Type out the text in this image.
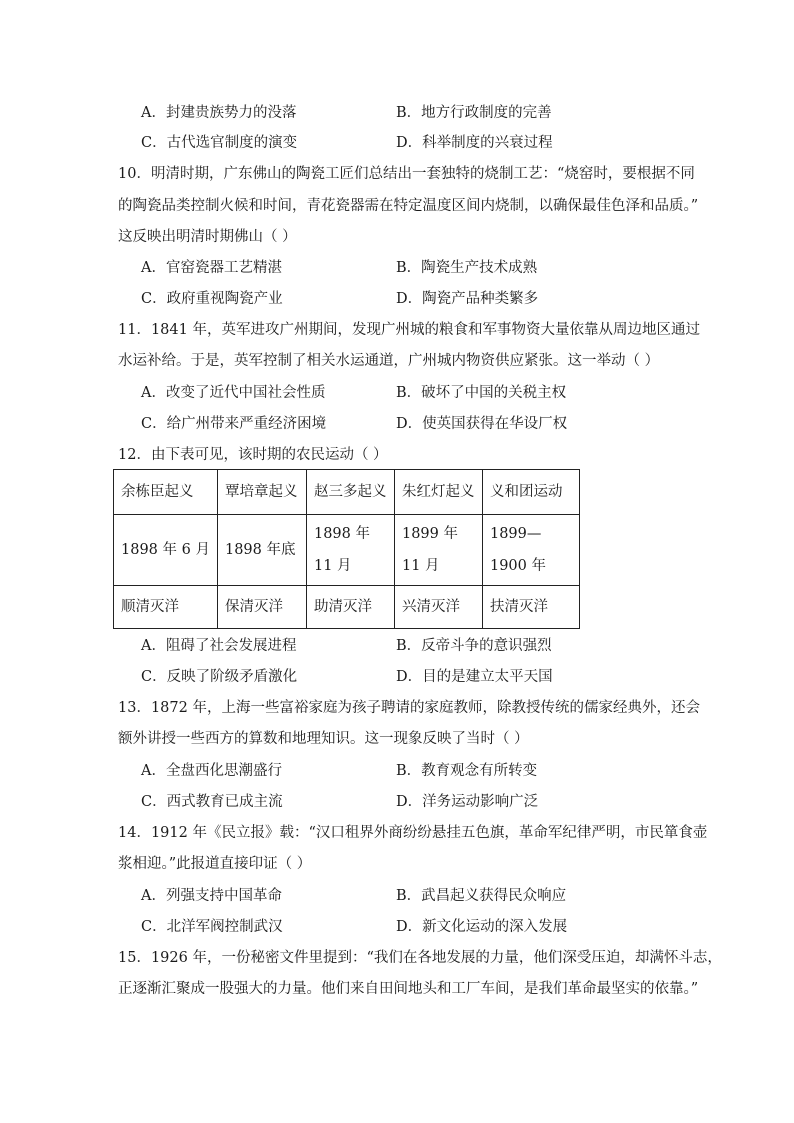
A．封建贵族势力的没落	B．地方行政制度的完善
C．古代选官制度的演变	D．科举制度的兴衰过程
10．明清时期，广东佛山的陶瓷工匠们总结出一套独特的烧制工艺：“烧窑时，要根据不同
的陶瓷品类控制火候和时间，青花瓷器需在特定温度区间内烧制，以确保最佳色泽和品质。”
这反映出明清时期佛山（ ）
A．官窑瓷器工艺精湛	B．陶瓷生产技术成熟
C．政府重视陶瓷产业	D．陶瓷产品种类繁多
11．1841 年，英军进攻广州期间，发现广州城的粮食和军事物资大量依靠从周边地区通过
水运补给。于是，英军控制了相关水运通道，广州城内物资供应紧张。这一举动（ ）
A．改变了近代中国社会性质	B．破坏了中国的关税主权
C．给广州带来严重经济困境	D．使英国获得在华设厂权
12．由下表可见，该时期的农民运动（ ）
余栋臣起义	覃培章起义	赵三多起义	朱红灯起义	义和团运动
1898 年 6 月	1898 年底	1898 年 11 月	1899 年 11 月	1899—1900 年
顺清灭洋	保清灭洋	助清灭洋	兴清灭洋	扶清灭洋
A．阻碍了社会发展进程	B．反帝斗争的意识强烈
C．反映了阶级矛盾激化	D．目的是建立太平天国
13．1872 年，上海一些富裕家庭为孩子聘请的家庭教师，除教授传统的儒家经典外，还会
额外讲授一些西方的算数和地理知识。这一现象反映了当时（ ）
A．全盘西化思潮盛行	B．教育观念有所转变
C．西式教育已成主流	D．洋务运动影响广泛
14．1912 年《民立报》载：“汉口租界外商纷纷悬挂五色旗，革命军纪律严明，市民箪食壶
浆相迎。”此报道直接印证（ ）
A．列强支持中国革命	B．武昌起义获得民众响应
C．北洋军阀控制武汉	D．新文化运动的深入发展
15．1926 年，一份秘密文件里提到：“我们在各地发展的力量，他们深受压迫，却满怀斗志，
正逐渐汇聚成一股强大的力量。他们来自田间地头和工厂车间，是我们革命最坚实的依靠。”
